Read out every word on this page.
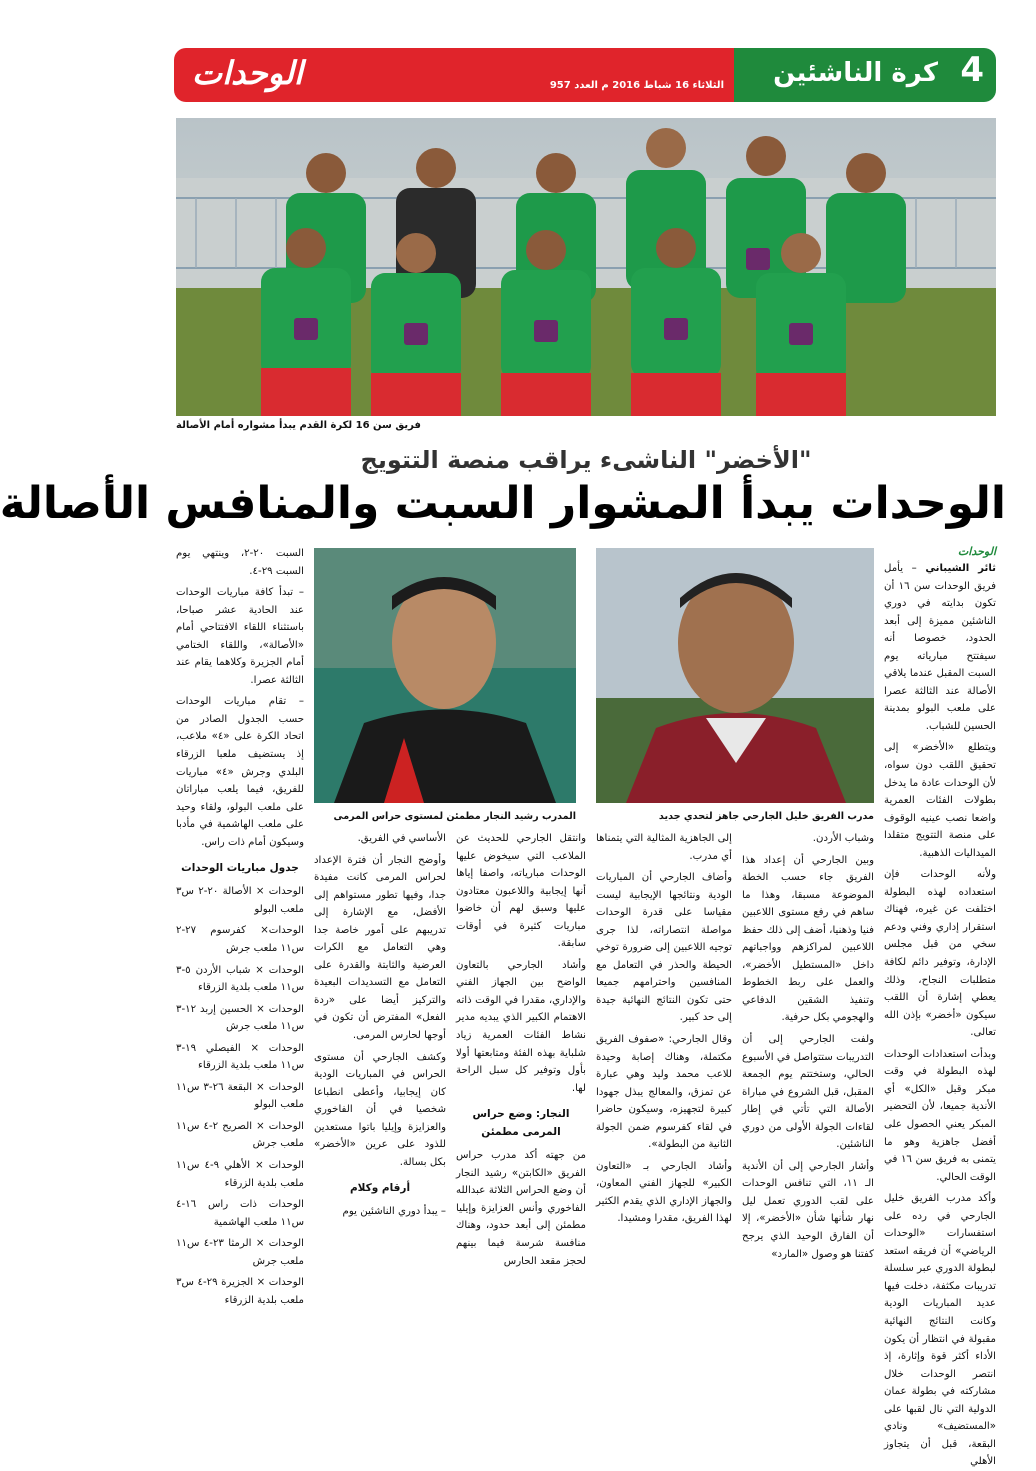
الوحدات	الثلاثاء 16 شباط 2016 م العدد 957	4
كرة الناشئين
فريق سن 16 لكرة القدم يبدأ مشواره أمام الأصالة
"الأخضر" الناشىء يراقب منصة التتويج
الوحدات يبدأ المشوار السبت والمنافس الأصالة
مدرب الفريق خليل الجارحي جاهز لتحدي جديد
المدرب رشيد النجار مطمئن لمستوى حراس المرمى
الوحدات

ثائر الشيباني – يأمل فريق الوحدات سن ١٦ أن تكون بدايته في دوري الناشئين مميزة إلى أبعد الحدود، خصوصا أنه سيفتتح مبارياته يوم السبت المقبل عندما يلاقي الأصالة عند الثالثة عصرا على ملعب البولو بمدينة الحسين للشباب.

ويتطلع «الأخضر» إلى تحقيق اللقب دون سواه، لأن الوحدات عادة ما يدخل بطولات الفئات العمرية واضعا نصب عينيه الوقوف على منصة التتويج متقلدا الميداليات الذهبية.

ولأنه الوحدات فإن استعداده لهذه البطولة اختلفت عن غيره، فهناك استقرار إداري وفني ودعم سخي من قبل مجلس الإدارة، وتوفير دائم لكافة متطلبات النجاح، وذلك يعطي إشارة أن اللقب سيكون «أخضر» بإذن الله تعالى.

وبدأت استعدادات الوحدات لهذه البطولة في وقت مبكر وقبل «الكل» أي الأندية جميعا، لأن التحضير المبكر يعني الحصول على أفضل جاهزية وهو ما يتمنى به فريق سن ١٦ في الوقت الحالي.

وأكد مدرب الفريق خليل الجارحي في رده على استفسارات «الوحدات الرياضي» أن فريقه استعد لبطولة الدوري عبر سلسلة تدريبات مكثفة، دخلت فيها عديد المباريات الودية وكانت النتائج النهائية مقبولة في انتظار أن يكون الأداء أكثر قوة وإثارة، إذ انتصر الوحدات خلال مشاركته في بطولة عمان الدولية التي نال لقبها على «المستضيف» ونادي البقعة، قبل أن يتجاوز الأهلي

وشباب الأردن.

وبين الجارحي أن إعداد هذا الفريق جاء حسب الخطة الموضوعة مسبقا، وهذا ما ساهم في رفع مستوى اللاعبين فنيا وذهنيا، أضف إلى ذلك حفظ اللاعبين لمراكزهم وواجباتهم داخل «المستطيل الأخضر»، والعمل على ربط الخطوط وتنفيذ الشقين الدفاعي والهجومي بكل حرفية.

ولفت الجارحي إلى أن التدريبات ستتواصل في الأسبوع الحالي، وستختتم يوم الجمعة المقبل، قبل الشروع في مباراة الأصالة التي تأتي في إطار لقاءات الجولة الأولى من دوري الناشئين.

وأشار الجارحي إلى أن الأندية الـ ١١، التي تنافس الوحدات على لقب الدوري تعمل ليل نهار شأنها شأن «الأخضر»، إلا أن الفارق الوحيد الذي يرجح كفتنا هو وصول «المارد»

إلى الجاهزية المثالية التي يتمناها أي مدرب.

وأضاف الجارحي أن المباريات الودية ونتائجها الإيجابية ليست مقياسا على قدرة الوحدات مواصلة انتصاراته، لذا جرى توجيه اللاعبين إلى ضرورة توخي الحيطة والحذر في التعامل مع المنافسين واحترامهم جميعا حتى تكون النتائج النهائية جيدة إلى حد كبير.

وقال الجارحي: «صفوف الفريق مكتملة، وهناك إصابة وحيدة للاعب محمد وليد وهي عبارة عن تمزق، والمعالج يبذل جهودا كبيرة لتجهيزه، وسيكون حاضرا في لقاء كفرسوم ضمن الجولة الثانية من البطولة».

وأشاد الجارحي بـ «التعاون الكبير» للجهاز الفني المعاون، والجهاز الإداري الذي يقدم الكثير لهذا الفريق، مقدرا ومشيدا.

وانتقل الجارحي للحديث عن الملاعب التي سيخوض عليها الوحدات مبارياته، واصفا إياها أنها إيجابية واللاعبون معتادون عليها وسبق لهم أن خاضوا مباريات كثيرة في أوقات سابقة.

وأشاد الجارحي بالتعاون الواضح بين الجهاز الفني والإداري، مقدرا في الوقت ذاته الاهتمام الكبير الذي يبديه مدير نشاط الفئات العمرية زياد شلباية بهذه الفئة ومتابعتها أولا بأول وتوفير كل سبل الراحة لها.

النجار: وضع حراس المرمى مطمئن

من جهته أكد مدرب حراس الفريق «الكابتن» رشيد النجار أن وضع الحراس الثلاثة عبدالله الفاخوري وأنس العزايزة وإيليا مطمئن إلى أبعد حدود، وهناك منافسة شرسة فيما بينهم لحجز مقعد الحارس

الأساسي في الفريق.

وأوضح النجار أن فترة الإعداد لحراس المرمى كانت مفيدة جدا، وفيها تطور مستواهم إلى الأفضل، مع الإشارة إلى تدريبهم على أمور خاصة جدا وهي التعامل مع الكرات العرضية والثابتة والقدرة على التعامل مع التسديدات البعيدة والتركيز أيضا على «ردة الفعل» المفترض أن تكون في أوجها لحارس المرمى.

وكشف الجارحي أن مستوى الحراس في المباريات الودية كان إيجابيا، وأعطى انطباعا شخصيا في أن الفاخوري والعزايزة وإيليا باتوا مستعدين للذود على عرين «الأخضر» بكل بسالة.

أرقام وكلام

– يبدأ دوري الناشئين يوم

السبت ٢٠-٢، وينتهي يوم السبت ٢٩-٤.

– تبدأ كافة مباريات الوحدات عند الحادية عشر صباحا، باستثناء اللقاء الافتتاحي أمام «الأصالة»، واللقاء الختامي أمام الجزيرة وكلاهما يقام عند الثالثة عصرا.

– تقام مباريات الوحدات حسب الجدول الصادر من اتحاد الكرة على «٤» ملاعب، إذ يستضيف ملعبا الزرقاء البلدي وجرش «٤» مباريات للفريق، فيما يلعب مباراتان على ملعب البولو، ولقاء وحيد على ملعب الهاشمية في مأدبا وسيكون أمام ذات راس.

جدول مباريات الوحدات

الوحدات × الأصالة ٢٠-٢ س٣ ملعب البولو

الوحدات× كفرسوم ٢٧-٢ س١١ ملعب جرش

الوحدات × شباب الأردن ٥-٣ س١١ ملعب بلدية الزرقاء

الوحدات × الحسين إربد ١٢-٣ س١١ ملعب جرش

الوحدات × الفيصلي ١٩-٣ س١١ ملعب بلدية الزرقاء

الوحدات × البقعة ٢٦-٣ س١١ ملعب البولو

الوحدات × الصريح ٢-٤ س١١ ملعب جرش

الوحدات × الأهلي ٩-٤ س١١ ملعب بلدية الزرقاء

الوحدات ذات راس ١٦-٤ س١١ ملعب الهاشمية

الوحدات × الرمثا ٢٣-٤ س١١ ملعب جرش

الوحدات × الجزيرة ٢٩-٤ س٣ ملعب بلدية الزرقاء
